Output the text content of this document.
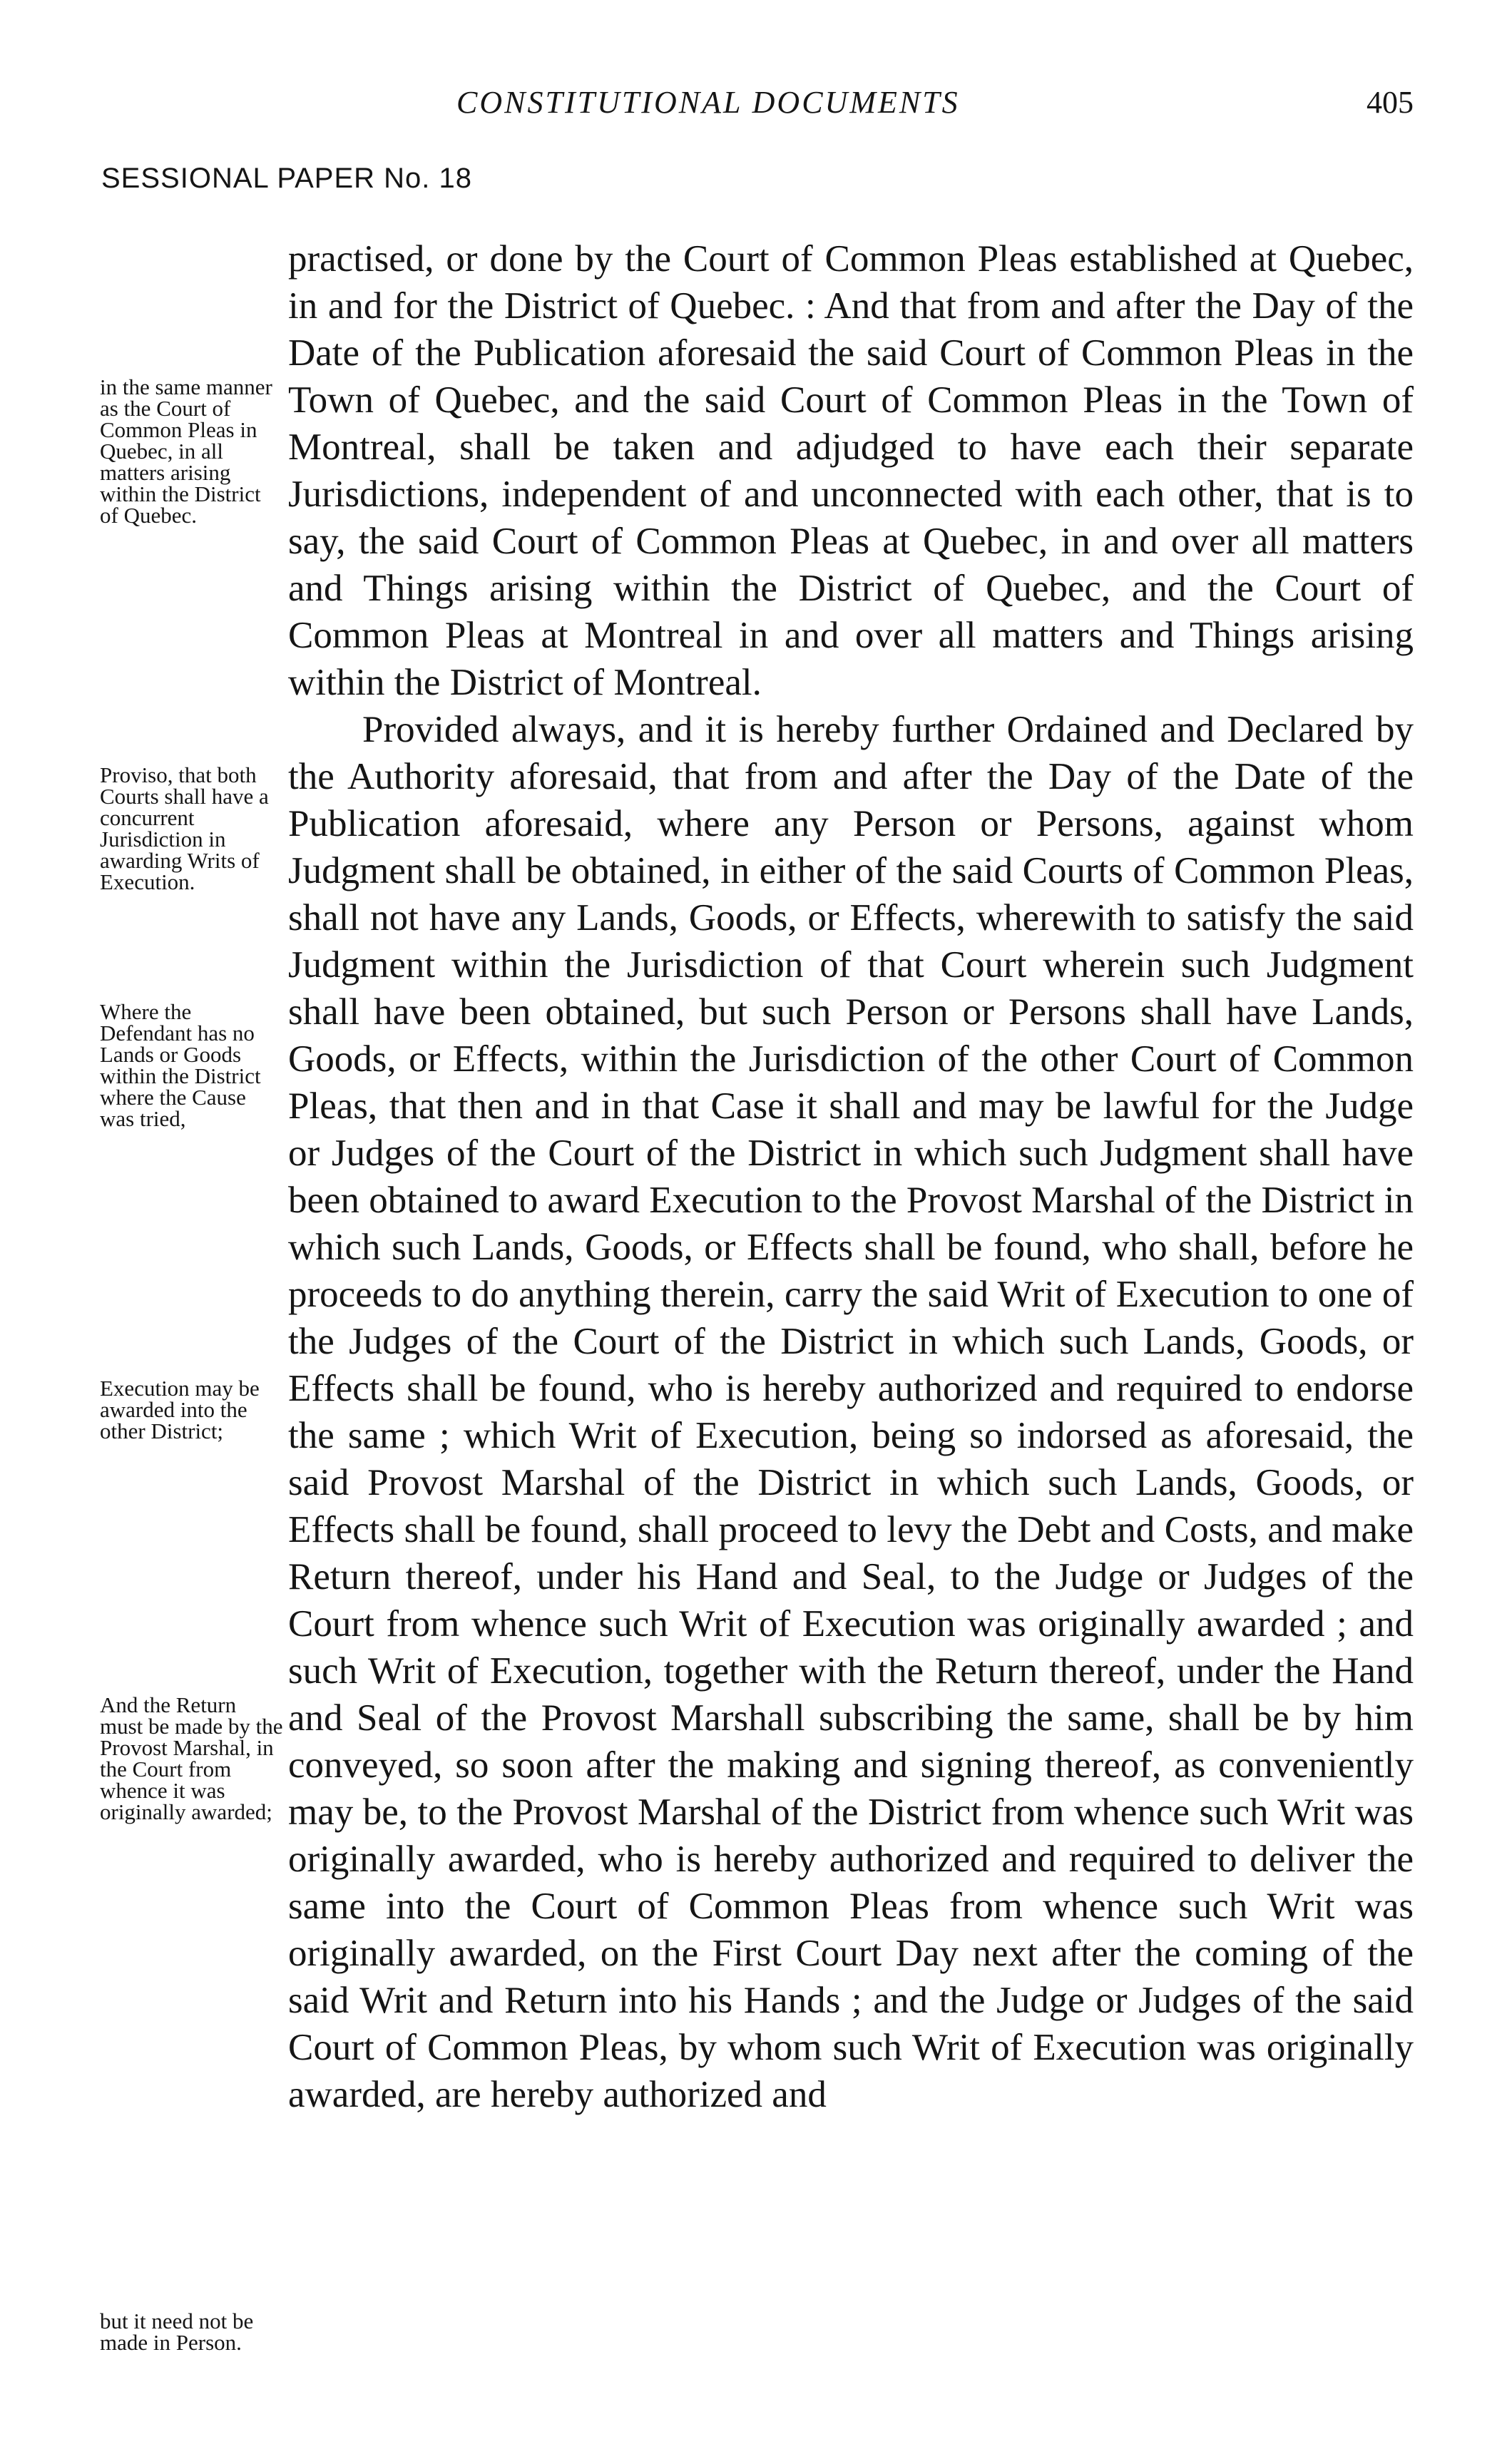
CONSTITUTIONAL DOCUMENTS	405
SESSIONAL PAPER No. 18

practised, or done by the Court of Common Pleas established at Quebec, in and for the District of Quebec. : And that from and after the Day of the Date of the Publication aforesaid the said Court of Common Pleas in the Town of Quebec, and the said Court of Common Pleas in the Town of Montreal, shall be taken and adjudged to have each their separate Jurisdictions, independent of and unconnected with each other, that is to say, the said Court of Common Pleas at Quebec, in and over all matters and Things arising within the District of Quebec, and the Court of Common Pleas at Montreal in and over all matters and Things arising within the District of Montreal.

Provided always, and it is hereby further Ordained and Declared by the Authority aforesaid, that from and after the Day of the Date of the Publication aforesaid, where any Person or Persons, against whom Judgment shall be obtained, in either of the said Courts of Common Pleas, shall not have any Lands, Goods, or Effects, wherewith to satisfy the said Judgment within the Jurisdiction of that Court wherein such Judgment shall have been obtained, but such Person or Persons shall have Lands, Goods, or Effects, within the Jurisdiction of the other Court of Common Pleas, that then and in that Case it shall and may be lawful for the Judge or Judges of the Court of the District in which such Judgment shall have been obtained to award Execution to the Provost Marshal of the District in which such Lands, Goods, or Effects shall be found, who shall, before he proceeds to do anything therein, carry the said Writ of Execution to one of the Judges of the Court of the District in which such Lands, Goods, or Effects shall be found, who is hereby authorized and required to endorse the same ; which Writ of Execution, being so indorsed as aforesaid, the said Provost Marshal of the District in which such Lands, Goods, or Effects shall be found, shall proceed to levy the Debt and Costs, and make Return thereof, under his Hand and Seal, to the Judge or Judges of the Court from whence such Writ of Execution was originally awarded ; and such Writ of Execution, together with the Return thereof, under the Hand and Seal of the Provost Marshall subscribing the same, shall be by him conveyed, so soon after the making and signing thereof, as conveniently may be, to the Provost Marshal of the District from whence such Writ was originally awarded, who is hereby authorized and required to deliver the same into the Court of Common Pleas from whence such Writ was originally awarded, on the First Court Day next after the coming of the said Writ and Return into his Hands ; and the Judge or Judges of the said Court of Common Pleas, by whom such Writ of Execution was originally awarded, are hereby authorized and

in the same manner as the Court of Common Pleas in Quebec, in all matters arising within the District of Quebec.
Proviso, that both Courts shall have a concurrent Jurisdiction in awarding Writs of Execution.
Where the Defendant has no Lands or Goods within the District where the Cause was tried,
Execution may be awarded into the other District;
And the Return must be made by the Provost Marshal, in the Court from whence it was originally awarded;
but it need not be made in Person.
